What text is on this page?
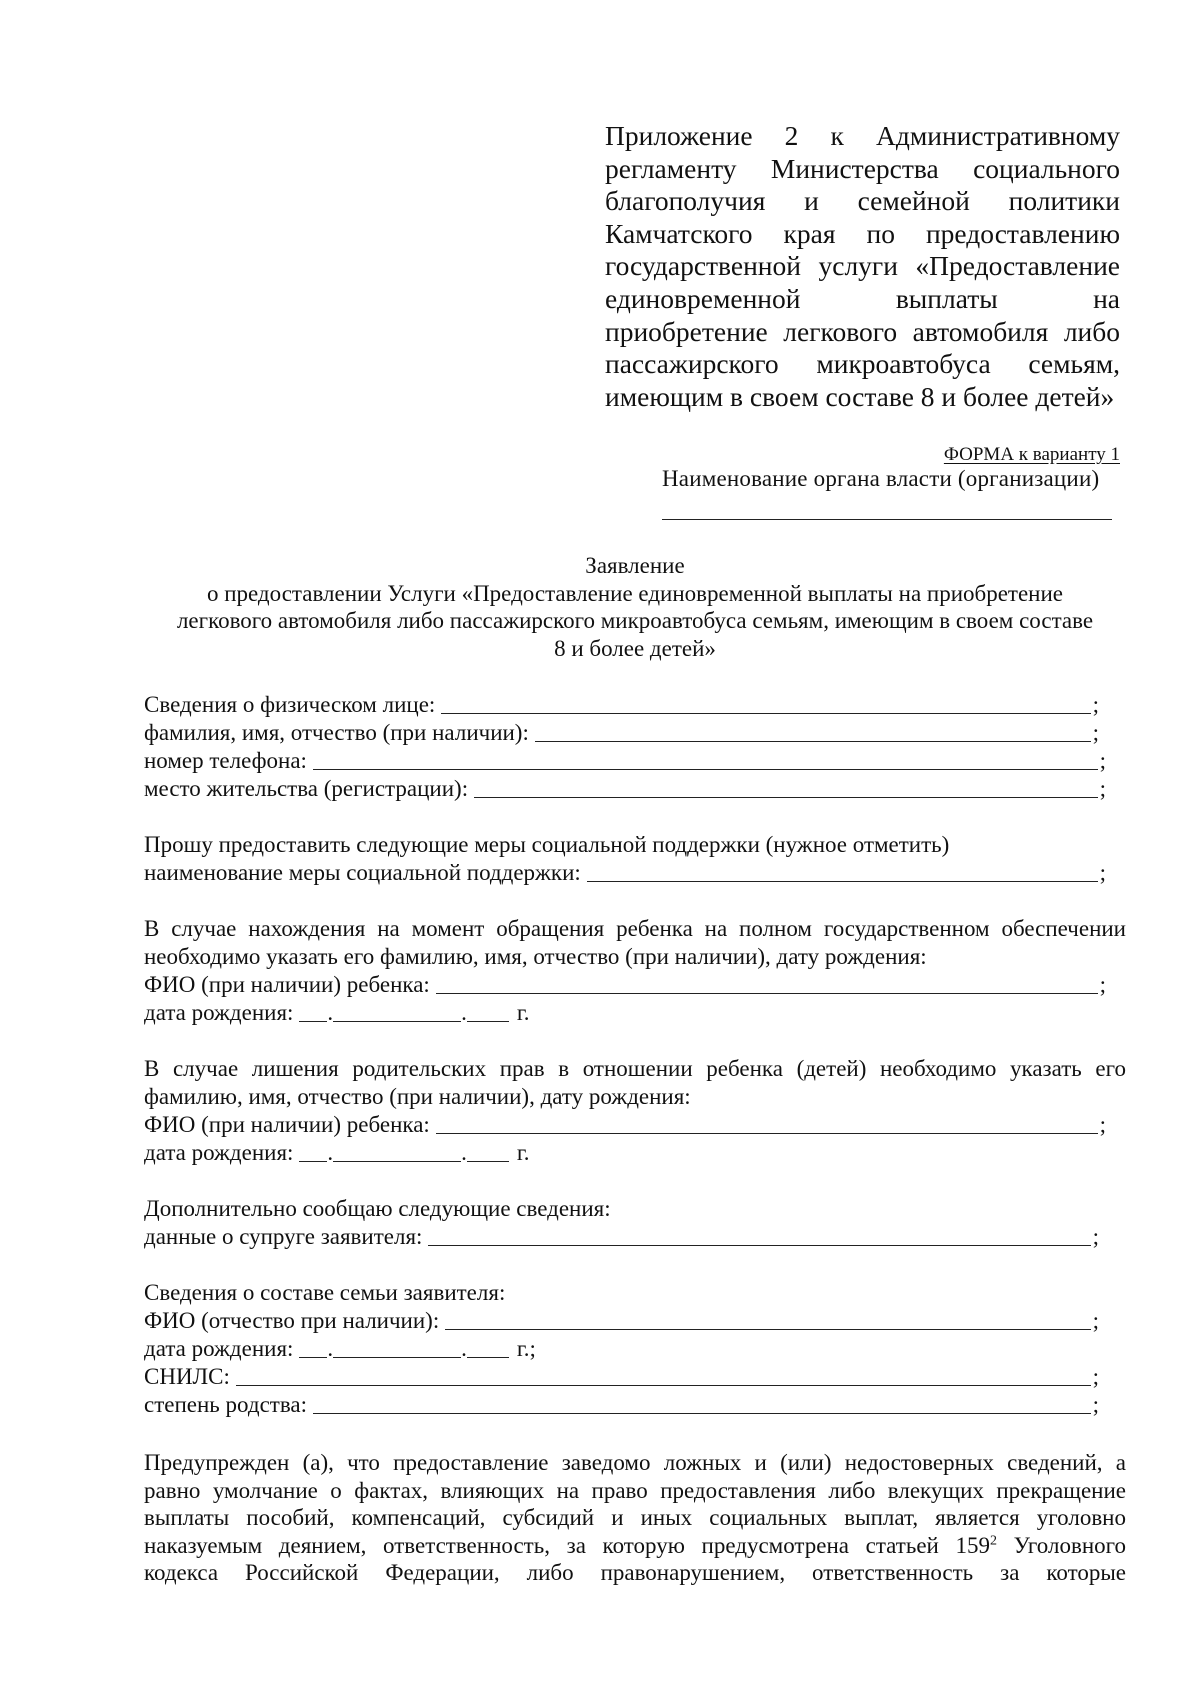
Приложение 2 к Административному
регламенту Министерства социального
благополучия и семейной политики
Камчатского края по предоставлению
государственной услуги «Предоставление
единовременной выплаты на
приобретение легкового автомобиля либо
пассажирского микроавтобуса семьям,
имеющим в своем составе 8 и более детей»
ФОРМА к варианту 1
Наименование органа власти (организации)
Заявление
о предоставлении Услуги «Предоставление единовременной выплаты на приобретение
легкового автомобиля либо пассажирского микроавтобуса семьям, имеющим в своем составе
8 и более детей»
Сведения о физическом лице:	;
фамилия, имя, отчество (при наличии):	;
номер телефона:	;
место жительства (регистрации):	;
Прошу предоставить следующие меры социальной поддержки (нужное отметить)
наименование меры социальной поддержки:	;
В случае нахождения на момент обращения ребенка на полном государственном обеспечении
необходимо указать его фамилию, имя, отчество (при наличии), дату рождения:
ФИО (при наличии) ребенка:	;
дата рождения: .	. г.
В случае лишения родительских прав в отношении ребенка (детей) необходимо указать его
фамилию, имя, отчество (при наличии), дату рождения:
ФИО (при наличии) ребенка:	;
дата рождения: .	. г.
Дополнительно сообщаю следующие сведения:
данные о супруге заявителя:	;
Сведения о составе семьи заявителя:
ФИО (отчество при наличии):	;
дата рождения: .	. г.;
СНИЛС:	;
степень родства:	;
Предупрежден (а), что предоставление заведомо ложных и (или) недостоверных сведений, а
равно умолчание о фактах, влияющих на право предоставления либо влекущих прекращение
выплаты пособий, компенсаций, субсидий и иных социальных выплат, является уголовно
наказуемым деянием, ответственность, за которую предусмотрена статьей $159^2$ Уголовного
кодекса Российской Федерации, либо правонарушением, ответственность за которые
